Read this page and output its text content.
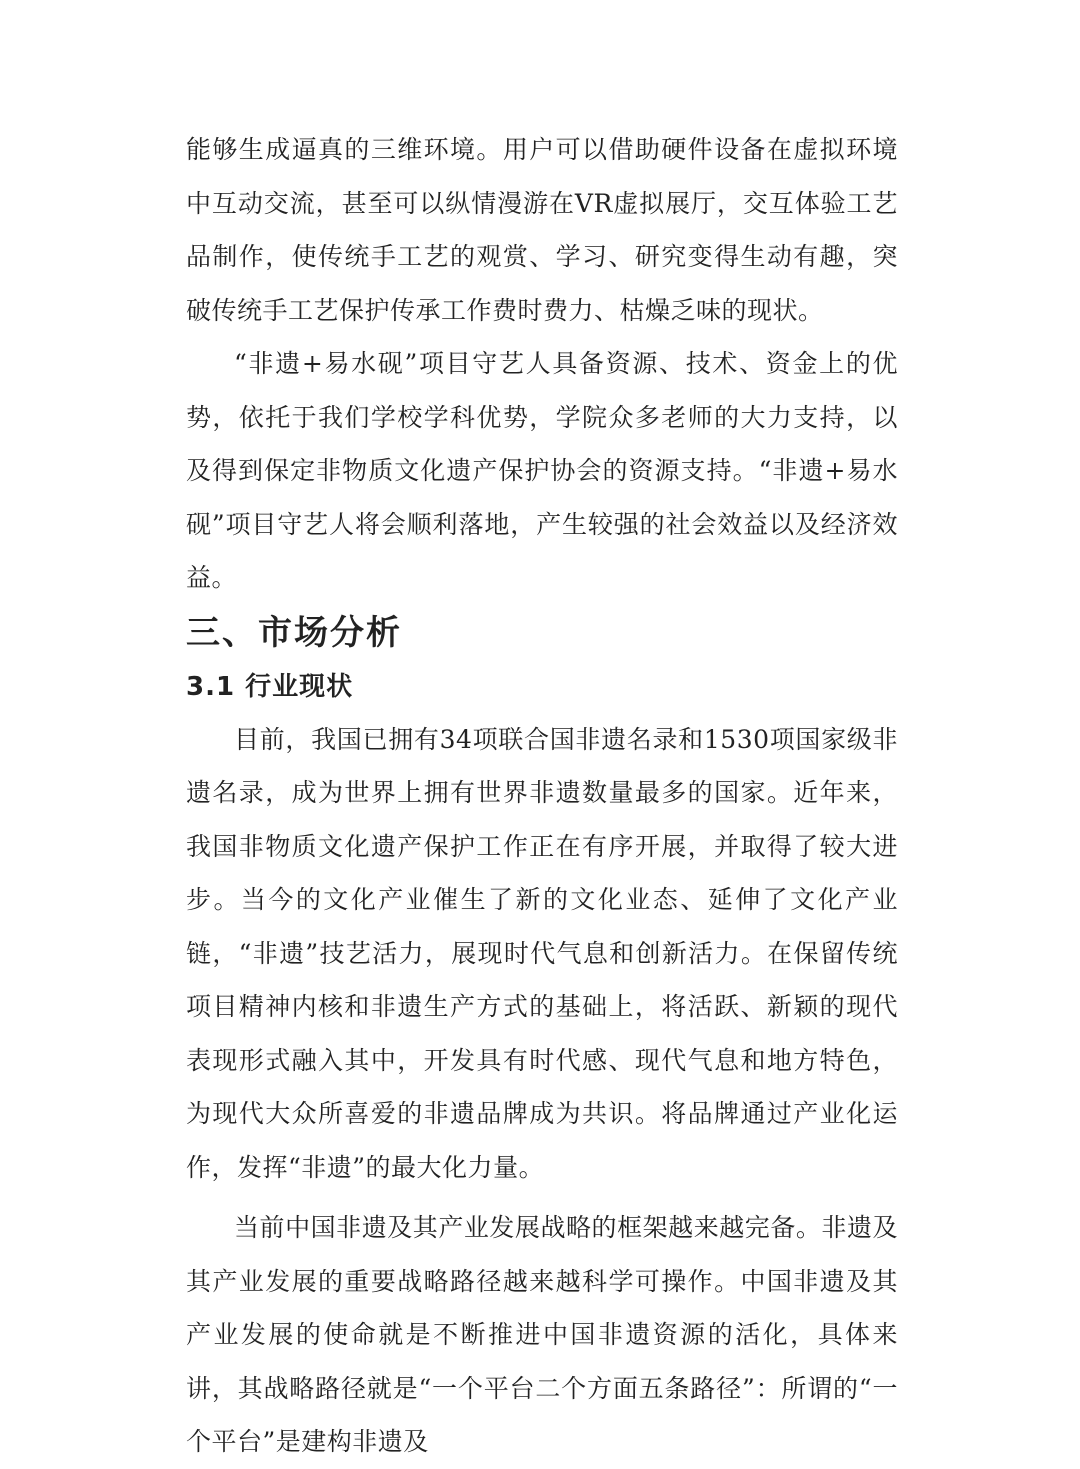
能够生成逼真的三维环境。用户可以借助硬件设备在虚拟环境中互动交流，甚至可以纵情漫游在VR虚拟展厅，交互体验工艺品制作，使传统手工艺的观赏、学习、研究变得生动有趣，突破传统手工艺保护传承工作费时费力、枯燥乏味的现状。

“非遗+易水砚”项目守艺人具备资源、技术、资金上的优势，依托于我们学校学科优势，学院众多老师的大力支持，以及得到保定非物质文化遗产保护协会的资源支持。“非遗+易水砚”项目守艺人将会顺利落地，产生较强的社会效益以及经济效益。

三、市场分析
3.1 行业现状

目前，我国已拥有34项联合国非遗名录和1530项国家级非遗名录，成为世界上拥有世界非遗数量最多的国家。近年来，我国非物质文化遗产保护工作正在有序开展，并取得了较大进步。当今的文化产业催生了新的文化业态、延伸了文化产业链，“非遗”技艺活力，展现时代气息和创新活力。在保留传统项目精神内核和非遗生产方式的基础上，将活跃、新颖的现代表现形式融入其中，开发具有时代感、现代气息和地方特色，为现代大众所喜爱的非遗品牌成为共识。将品牌通过产业化运作，发挥“非遗”的最大化力量。

当前中国非遗及其产业发展战略的框架越来越完备。非遗及其产业发展的重要战略路径越来越科学可操作。中国非遗及其产业发展的使命就是不断推进中国非遗资源的活化，具体来讲，其战略路径就是“一个平台二个方面五条路径”：所谓的“一个平台”是建构非遗及
